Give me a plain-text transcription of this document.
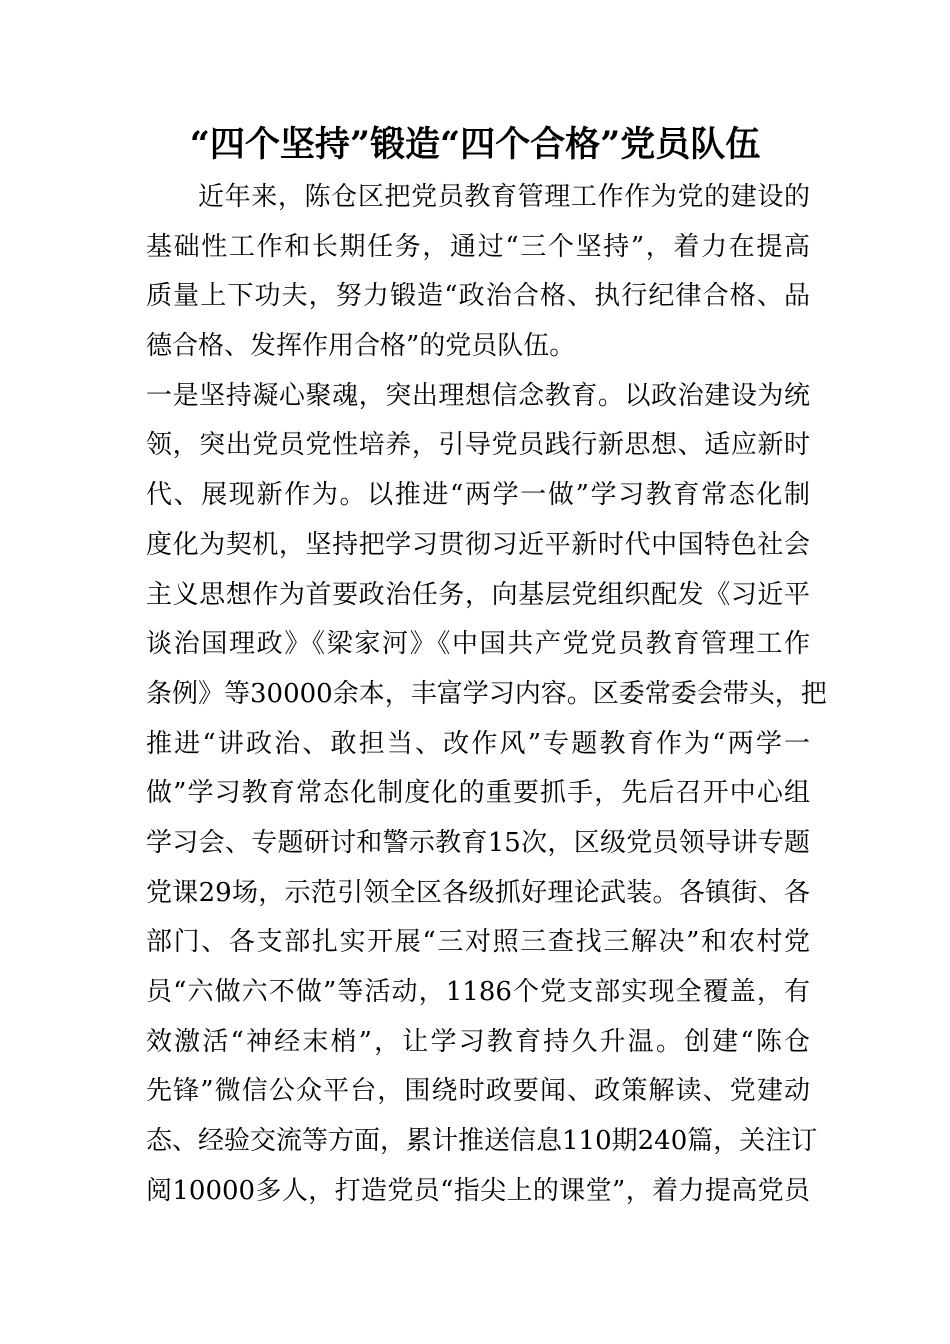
“四个坚持”锻造“四个合格”党员队伍
近年来，陈仓区把党员教育管理工作作为党的建设的
基础性工作和长期任务，通过“三个坚持”，着力在提高
质量上下功夫，努力锻造“政治合格、执行纪律合格、品
德合格、发挥作用合格”的党员队伍。
一是坚持凝心聚魂，突出理想信念教育。以政治建设为统
领，突出党员党性培养，引导党员践行新思想、适应新时
代、展现新作为。以推进“两学一做”学习教育常态化制
度化为契机，坚持把学习贯彻习近平新时代中国特色社会
主义思想作为首要政治任务，向基层党组织配发《习近平
谈治国理政》《梁家河》《中国共产党党员教育管理工作
条例》等30000余本，丰富学习内容。区委常委会带头，把
推进“讲政治、敢担当、改作风”专题教育作为“两学一
做”学习教育常态化制度化的重要抓手，先后召开中心组
学习会、专题研讨和警示教育15次，区级党员领导讲专题
党课29场，示范引领全区各级抓好理论武装。各镇街、各
部门、各支部扎实开展“三对照三查找三解决”和农村党
员“六做六不做”等活动，1186个党支部实现全覆盖，有
效激活“神经末梢”，让学习教育持久升温。创建“陈仓
先锋”微信公众平台，围绕时政要闻、政策解读、党建动
态、经验交流等方面，累计推送信息110期240篇，关注订
阅10000多人，打造党员“指尖上的课堂”，着力提高党员
